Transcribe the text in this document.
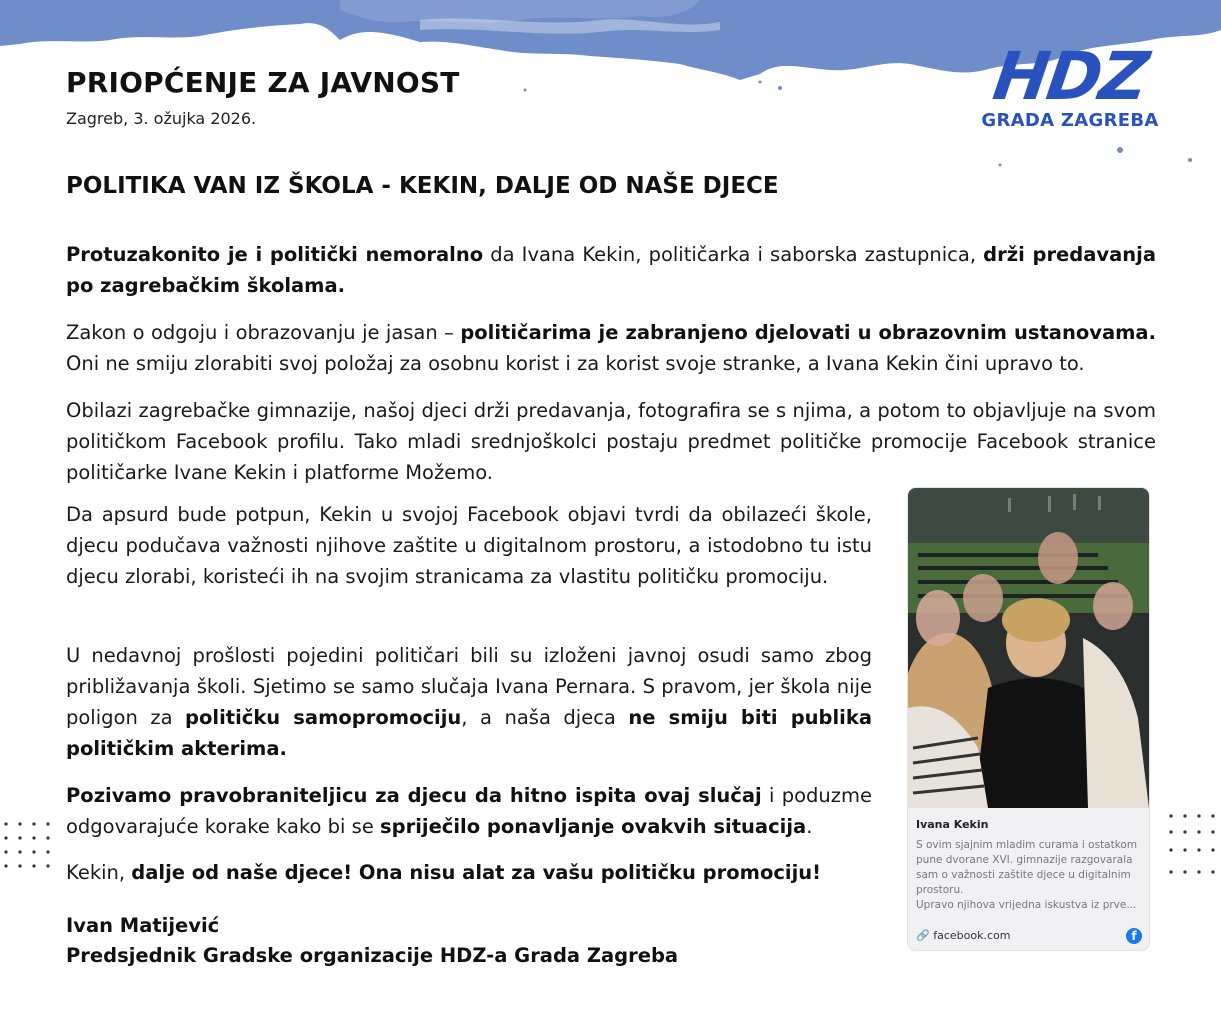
PRIOPĆENJE ZA JAVNOST
Zagreb, 3. ožujka 2026.
HDZ
GRADA ZAGREBA
POLITIKA VAN IZ ŠKOLA - KEKIN, DALJE OD NAŠE DJECE

Protuzakonito je i politički nemoralno da Ivana Kekin, političarka i saborska zastupnica, drži predavanja po zagrebačkim školama.

Zakon o odgoju i obrazovanju je jasan – političarima je zabranjeno djelovati u obrazovnim ustanovama. Oni ne smiju zlorabiti svoj položaj za osobnu korist i za korist svoje stranke, a Ivana Kekin čini upravo to.

Obilazi zagrebačke gimnazije, našoj djeci drži predavanja, fotografira se s njima, a potom to objavljuje na svom političkom Facebook profilu. Tako mladi srednjoškolci postaju predmet političke promocije Facebook stranice političarke Ivane Kekin i platforme Možemo.

Da apsurd bude potpun, Kekin u svojoj Facebook objavi tvrdi da obilazeći škole, djecu podučava važnosti njihove zaštite u digitalnom prostoru, a istodobno tu istu djecu zlorabi, koristeći ih na svojim stranicama za vlastitu političku promociju.

U nedavnoj prošlosti pojedini političari bili su izloženi javnoj osudi samo zbog približavanja školi. Sjetimo se samo slučaja Ivana Pernara. S pravom, jer škola nije poligon za političku samopromociju, a naša djeca ne smiju biti publika političkim akterima.

Pozivamo pravobraniteljicu za djecu da hitno ispita ovaj slučaj i poduzme odgovarajuće korake kako bi se spriječilo ponavljanje ovakvih situacija.

Kekin, dalje od naše djece! Ona nisu alat za vašu političku promociju!

Ivan Matijević
Predsjednik Gradske organizacije HDZ-a Grada Zagreba
Ivana Kekin
S ovim sjajnim mladim curama i ostatkom pune dvorane XVI. gimnazije razgovarala sam o važnosti zaštite djece u digitalnim prostoru.
Upravo njihova vrijedna iskustva iz prve...
🔗 facebook.com	f
